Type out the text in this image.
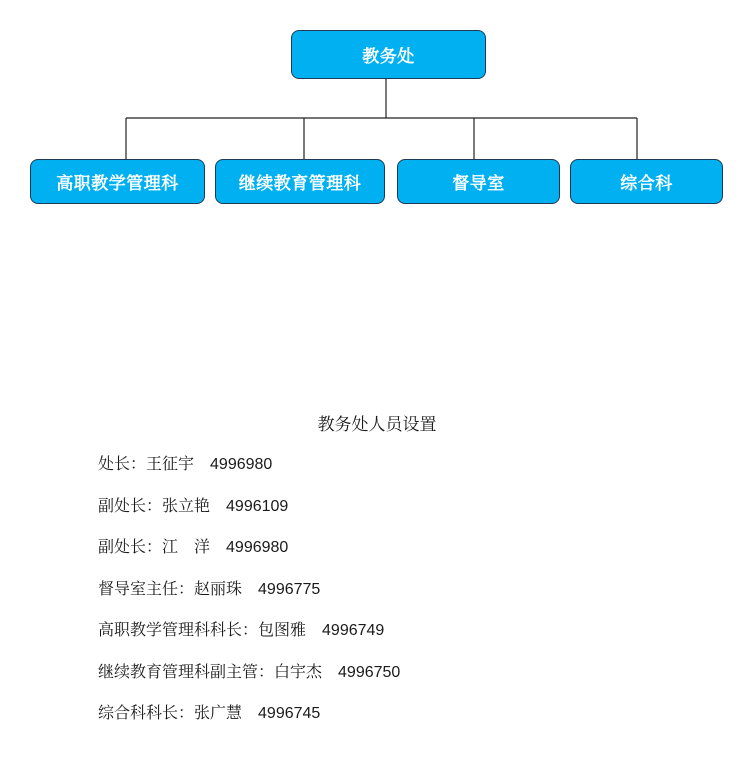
教务处
高职教学管理科	继续教育管理科	督导室	综合科
教务处人员设置
处长：王征宇 4996980
副处长：张立艳 4996109
副处长：江　洋 4996980
督导室主任：赵丽珠 4996775
高职教学管理科科长：包图雅 4996749
继续教育管理科副主管：白宇杰 4996750
综合科科长：张广慧 4996745
